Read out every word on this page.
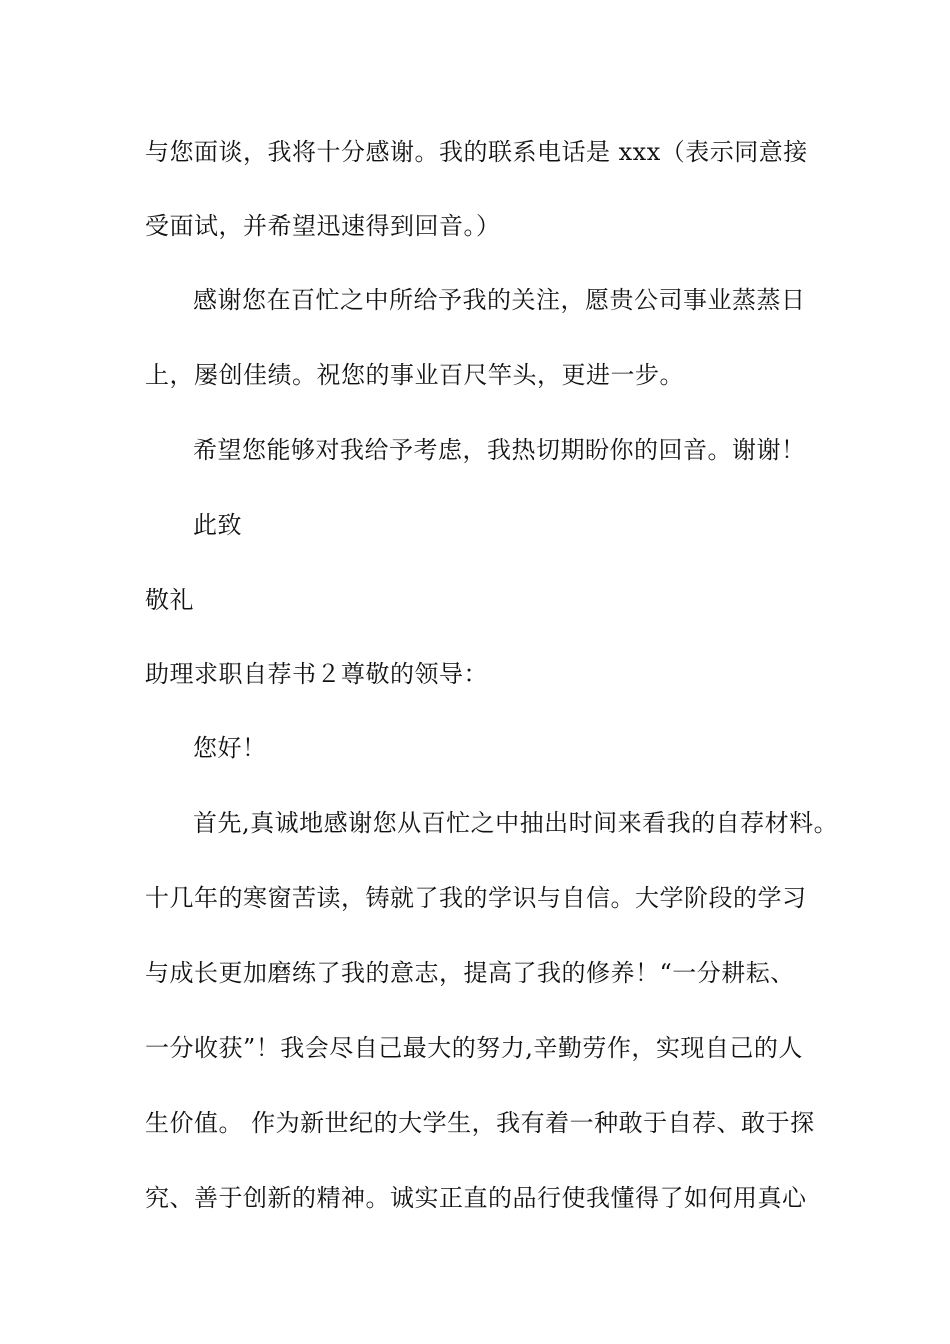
与您面谈，我将十分感谢。我的联系电话是 xxx（表示同意接
受面试，并希望迅速得到回音。）
感谢您在百忙之中所给予我的关注，愿贵公司事业蒸蒸日
上，屡创佳绩。祝您的事业百尺竿头，更进一步。
希望您能够对我给予考虑，我热切期盼你的回音。谢谢！
此致
敬礼
助理求职自荐书２尊敬的领导：
您好！
首先,真诚地感谢您从百忙之中抽出时间来看我的自荐材料。
十几年的寒窗苦读，铸就了我的学识与自信。大学阶段的学习
与成长更加磨练了我的意志，提高了我的修养！“一分耕耘、
一分收获”！我会尽自己最大的努力,辛勤劳作，实现自己的人
生价值。 作为新世纪的大学生，我有着一种敢于自荐、敢于探
究、善于创新的精神。诚实正直的品行使我懂得了如何用真心
